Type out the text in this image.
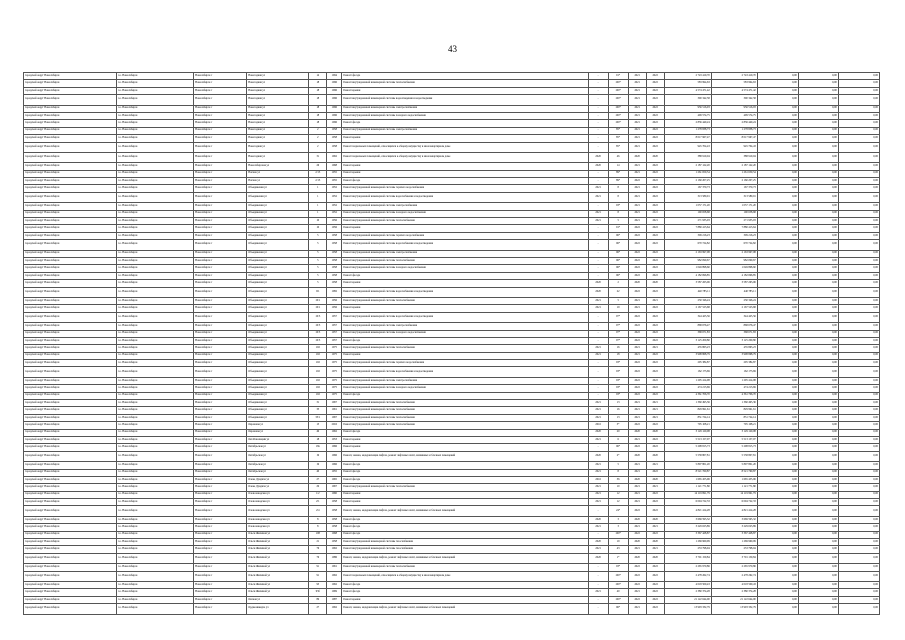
43
городской округ Новосибирск	г.о. Новосибирск	Новосибирск г	Новогодняя ул	14	1994	Ремонт фасада	-	91*	2021	2022	2 743 419,70	2 743 419,70	0,00	0,00	0,00
городской округ Новосибирск	г.о. Новосибирск	Новосибирск г	Новогодняя ул	18	1996	Ремонт внутридомовой инженерной системы теплоснабжения	-	100*	2021	2022	583 994,63	583 994,63	0,00	0,00	0,00
городской округ Новосибирск	г.о. Новосибирск	Новосибирск г	Новогодняя ул	18	1996	Ремонт крыши	-	100*	2021	2022	4 574 471,42	4 574 471,42	0,00	0,00	0,00
городской округ Новосибирск	г.о. Новосибирск	Новосибирск г	Новогодняя ул	18	1996	Ремонт внутридомовой инженерной системы водоотведения и водоотведения	-	100*	2021	2022	390 342,58	390 342,58	0,00	0,00	0,00
городской округ Новосибирск	г.о. Новосибирск	Новосибирск г	Новогодняя ул	18	1996	Ремонт внутридомовой инженерной системы электроснабжения	-	100*	2021	2022	956 516,93	956 516,93	0,00	0,00	0,00
городской округ Новосибирск	г.о. Новосибирск	Новосибирск г	Новогодняя ул	18	1996	Ремонт внутридомовой инженерной системы холодного водоснабжения	-	100*	2021	2022	499 574,75	499 574,75	0,00	0,00	0,00
городской округ Новосибирск	г.о. Новосибирск	Новосибирск г	Новогодняя ул	18	1996	Ремонт фасада	-	100*	2021	2022	2 836 449,24	2 836 449,24	0,00	0,00	0,00
городской округ Новосибирск	г.о. Новосибирск	Новосибирск г	Новогодняя ул	2	1958	Ремонт внутридомовой инженерной системы электроснабжения	-	85*	2021	2022	1 278 838,73	1 278 838,73	0,00	0,00	0,00
городской округ Новосибирск	г.о. Новосибирск	Новосибирск г	Новогодняя ул	2	1958	Ремонт крыши	-	85*	2021	2022	8 017 967,47	8 017 967,47	0,00	0,00	0,00
городской округ Новосибирск	г.о. Новосибирск	Новосибирск г	Новогодняя ул	2	1958	Ремонт подвальных помещений, относящихся к общему имуществу в многоквартирном доме	-	85*	2021	2022	945 704,43	945 704,43	0,00	0,00	0,00
городской округ Новосибирск	г.о. Новосибирск	Новосибирск г	Новогодняя ул	31	1962	Ремонт подвальных помещений, относящихся к общему имуществу в многоквартирном доме	2020	46	2020	2020	388 919,04	388 919,04	0,00	0,00	0,00
городской округ Новосибирск	г.о. Новосибирск	Новосибирск г	Новосибирская ул	26	1968	Ремонт крыши	2020	14	2021	2022	2 187 122,20	2 187 122,20	0,00	0,00	0,00
городской округ Новосибирск	г.о. Новосибирск	Новосибирск г	Ногина ул	2/13	1955	Ремонт крыши	-	89*	2021	2022	1 261 659,54	1 261 659,54	0,00	0,00	0,00
городской округ Новосибирск	г.о. Новосибирск	Новосибирск г	Ногина ул	2/13	1955	Ремонт фасада	-	89*	2022	2022	2 160 207,25	2 160 207,25	0,00	0,00	0,00
городской округ Новосибирск	г.о. Новосибирск	Новосибирск г	Объединения ул	1	1952	Ремонт внутридомовой инженерной системы горячего водоснабжения	2021	8	2021	2022	167 370,73	167 370,73	0,00	0,00	0,00
городской округ Новосибирск	г.о. Новосибирск	Новосибирск г	Объединения ул	1	1952	Ремонт внутридомовой инженерной системы водоснабжения и водоотведения	2021	8	2021	2022	313 589,91	313 589,91	0,00	0,00	0,00
городской округ Новосибирск	г.о. Новосибирск	Новосибирск г	Объединения ул	1	1952	Ремонт внутридомовой инженерной системы электроснабжения	-	93*	2021	2022	1 057 171,20	1 057 171,20	0,00	0,00	0,00
городской округ Новосибирск	г.о. Новосибирск	Новосибирск г	Объединения ул	1	1952	Ремонт внутридомовой инженерной системы холодного водоснабжения	2021	8	2021	2022	190 658,68	190 658,68	0,00	0,00	0,00
городской округ Новосибирск	г.о. Новосибирск	Новосибирск г	Объединения ул	10	1956	Ремонт внутридомовой инженерной системы теплоснабжения	2021	5	2021	2021	271 935,03	271 935,03	0,00	0,00	0,00
городской округ Новосибирск	г.о. Новосибирск	Новосибирск г	Объединения ул	10	1956	Ремонт крыши	-	91*	2022	2022	7 880 413,64	7 880 413,64	0,00	0,00	0,00
городской округ Новосибирск	г.о. Новосибирск	Новосибирск г	Объединения ул	5	1958	Ремонт внутридомовой инженерной системы горячего водоснабжения	-	96*	2022	2022	309 216,23	309 216,23	0,00	0,00	0,00
городской округ Новосибирск	г.о. Новосибирск	Новосибирск г	Объединения ул	5	1958	Ремонт внутридомовой инженерной системы водоснабжения и водоотведения	-	96*	2022	2022	670 724,82	670 724,82	0,00	0,00	0,00
городской округ Новосибирск	г.о. Новосибирск	Новосибирск г	Объединения ул	5	1958	Ремонт внутридомовой инженерной системы электроснабжения	-	96*	2022	2022	2 163 997,08	2 163 997,08	0,00	0,00	0,00
городской округ Новосибирск	г.о. Новосибирск	Новосибирск г	Объединения ул	5	1958	Ремонт внутридомовой инженерной системы теплоснабжения	-	96*	2022	2022	982 099,67	982 099,67	0,00	0,00	0,00
городской округ Новосибирск	г.о. Новосибирск	Новосибирск г	Объединения ул	5	1958	Ремонт внутридомовой инженерной системы холодного водоснабжения	-	96*	2022	2022	1 049 898,60	1 049 898,60	0,00	0,00	0,00
городской округ Новосибирск	г.о. Новосибирск	Новосибирск г	Объединения ул	5	1958	Ремонт фасада	-	96*	2022	2022	4 182 696,85	4 182 696,85	0,00	0,00	0,00
городской округ Новосибирск	г.о. Новосибирск	Новосибирск г	Объединения ул	5	1958	Ремонт крыши	2020	2	2020	2020	3 587 263,06	3 587 263,06	0,00	0,00	0,00
городской округ Новосибирск	г.о. Новосибирск	Новосибирск г	Объединения ул	9/1	1982	Ремонт внутридомовой инженерной системы водоснабжения и водоотведения	2020	22	2022	2022	440 785,11	440 785,11	0,00	0,00	0,00
городской округ Новосибирск	г.о. Новосибирск	Новосибирск г	Объединения ул	10/1	1956	Ремонт внутридомовой инженерной системы теплоснабжения	2021	5	2021	2021	230 346,24	230 346,24	0,00	0,00	0,00
городской округ Новосибирск	г.о. Новосибирск	Новосибирск г	Объединения ул	10/1	1956	Ремонт крыши	2021	19	2021	2022	2 167 523,68	2 167 523,68	0,00	0,00	0,00
городской округ Новосибирск	г.о. Новосибирск	Новосибирск г	Объединения ул	10/3	1957	Ремонт внутридомовой инженерной системы водоснабжения и водоотведения	-	97*	2022	2022	344 425,56	344 425,56	0,00	0,00	0,00
городской округ Новосибирск	г.о. Новосибирск	Новосибирск г	Объединения ул	10/3	1957	Ремонт внутридомовой инженерной системы электроснабжения	-	97*	2022	2022	868 676,47	868 676,47	0,00	0,00	0,00
городской округ Новосибирск	г.о. Новосибирск	Новосибирск г	Объединения ул	10/3	1957	Ремонт внутридомовой инженерной системы холодного водоснабжения	-	97*	2022	2022	368 671,83	368 671,83	0,00	0,00	0,00
городской округ Новосибирск	г.о. Новосибирск	Новосибирск г	Объединения ул	10/3	1957	Ремонт фасада	-	97*	2022	2022	3 125 209,80	3 125 209,80	0,00	0,00	0,00
городской округ Новосибирск	г.о. Новосибирск	Новосибирск г	Объединения ул	102	1975	Ремонт внутридомовой инженерной системы теплоснабжения	2021	16	2021	2021	435 863,23	435 863,23	0,00	0,00	0,00
городской округ Новосибирск	г.о. Новосибирск	Новосибирск г	Объединения ул	102	1975	Ремонт крыши	2021	18	2021	2022	3 998 868,79	3 998 868,79	0,00	0,00	0,00
городской округ Новосибирск	г.о. Новосибирск	Новосибирск г	Объединения ул	102	1975	Ремонт внутридомовой инженерной системы горячего водоснабжения	-	93*	2022	2022	295 384,87	295 384,87	0,00	0,00	0,00
городской округ Новосибирск	г.о. Новосибирск	Новосибирск г	Объединения ул	102	1975	Ремонт внутридомовой инженерной системы водоснабжения и водоотведения	-	93*	2022	2022	162 173,69	162 173,69	0,00	0,00	0,00
городской округ Новосибирск	г.о. Новосибирск	Новосибирск г	Объединения ул	102	1975	Ремонт внутридомовой инженерной системы электроснабжения	-	93*	2022	2022	1 295 414,98	1 295 414,98	0,00	0,00	0,00
городской округ Новосибирск	г.о. Новосибирск	Новосибирск г	Объединения ул	102	1975	Ремонт внутридомовой инженерной системы холодного водоснабжения	-	93*	2022	2022	474 213,69	474 213,69	0,00	0,00	0,00
городской округ Новосибирск	г.о. Новосибирск	Новосибирск г	Объединения ул	102	1975	Ремонт фасада	-	93*	2022	2022	4 361 706,70	4 361 706,70	0,00	0,00	0,00
городской округ Новосибирск	г.о. Новосибирск	Новосибирск г	Объединения ул	31	1967	Ремонт внутридомовой инженерной системы теплоснабжения	2021	13	2021	2021	1 360 495,36	1 360 495,36	0,00	0,00	0,00
городской округ Новосибирск	г.о. Новосибирск	Новосибирск г	Объединения ул	33	1961	Ремонт внутридомовой инженерной системы теплоснабжения	2021	16	2021	2021	829 991,61	829 991,61	0,00	0,00	0,00
городской округ Новосибирск	г.о. Новосибирск	Новосибирск г	Объединения ул	33/1	1967	Ремонт внутридомовой инженерной системы теплоснабжения	2021	13	2021	2021	831 724,14	831 724,14	0,00	0,00	0,00
городской округ Новосибирск	г.о. Новосибирск	Новосибирск г	Овражная ул	13	2016	Ремонт внутридомовой инженерной системы теплоснабжения	2016	3*	2022	2022	795 108,21	795 108,21	0,00	0,00	0,00
городской округ Новосибирск	г.о. Новосибирск	Новосибирск г	Овражная ул	49	1962	Ремонт фасада	2020	20	2020	2020	3 129 120,08	3 129 120,08	0,00	0,00	0,00
городской округ Новосибирск	г.о. Новосибирск	Новосибирск г	Окт.Революции ул	18	1953	Ремонт крыши	2021	6	2021	2022	5 513 157,07	5 513 157,07	0,00	0,00	0,00
городской округ Новосибирск	г.о. Новосибирск	Новосибирск г	Октябрьская ул	18a	1966	Ремонт крыши	-	96*	2022	2022	5 298 815,73	5 298 815,73	0,00	0,00	0,00
городской округ Новосибирск	г.о. Новосибирск	Новосибирск г	Октябрьская ул	19	1966	Ремонт, замена, модернизация лифтов, ремонт лифтовых шахт, машинных и блочных помещений	2020	2*	2020	2020	5 558 807,81	5 558 807,81	0,00	0,00	0,00
городской округ Новосибирск	г.о. Новосибирск	Новосибирск г	Октябрьская ул	19	1966	Ремонт фасада	2021	5	2021	2021	5 897 801,20	5 897 801,20	0,00	0,00	0,00
городской округ Новосибирск	г.о. Новосибирск	Новосибирск г	Октябрьская ул	40	1955	Ремонт фасада	2021	8	2021	2022	8 521 760,87	8 521 760,87	0,00	0,00	0,00
городской округ Новосибирск	г.о. Новосибирск	Новосибирск г	Олеко Дундича ул	27	1965	Ремонт фасада	2016	36	2020	2020	1 665 455,96	1 665 455,96	0,00	0,00	0,00
городской округ Новосибирск	г.о. Новосибирск	Новосибирск г	Олеко Дундича ул	29	1967	Ремонт внутридомовой инженерной системы теплоснабжения	2021	10	2021	2021	1 121 771,80	1 121 771,80	0,00	0,00	0,00
городской округ Новосибирск	г.о. Новосибирск	Новосибирск г	Оловозаводская ул	1/2	1960	Ремонт крыши	2021	12	2021	2022	14 119 991,79	14 119 991,79	0,00	0,00	0,00
городской округ Новосибирск	г.о. Новосибирск	Новосибирск г	Оловозаводская ул	2/1	1958	Ремонт крыши	2021	12	2021	2022	6 094 722,33	6 094 722,33	0,00	0,00	0,00
городской округ Новосибирск	г.о. Новосибирск	Новосибирск г	Оловозаводская ул	2/4	1958	Ремонт, замена, модернизация лифтов, ремонт лифтовых шахт, машинных и блочных помещений	-	24*	2022	2022	4 821 414,28	4 821 414,28	0,00	0,00	0,00
городской округ Новосибирск	г.о. Новосибирск	Новосибирск г	Оловозаводская ул	8	1958	Ремонт фасада	2020	3	2020	2020	3 669 595,32	3 669 595,32	0,00	0,00	0,00
городской округ Новосибирск	г.о. Новосибирск	Новосибирск г	Оловозаводская ул	8	1958	Ремонт фасада	2021	3	2021	2021	3 229 023,89	3 229 023,89	0,00	0,00	0,00
городской округ Новосибирск	г.о. Новосибирск	Новосибирск г	Ольги Жилиной ул	108	1968	Ремонт фасада	-	100*	2022	2022	3 367 428,87	3 367 428,87	0,00	0,00	0,00
городской округ Новосибирск	г.о. Новосибирск	Новосибирск г	Ольги Жилиной ул	21	1958	Ремонт внутридомовой инженерной системы газоснабжения	2020	19	2020	2020	1 269 960,99	1 269 960,99	0,00	0,00	0,00
городской округ Новосибирск	г.о. Новосибирск	Новосибирск г	Ольги Жилиной ул	76	1962	Ремонт внутридомовой инженерной системы газоснабжения	2021	43	2021	2021	253 798,94	253 798,94	0,00	0,00	0,00
городской округ Новосибирск	г.о. Новосибирск	Новосибирск г	Ольги Жилиной ул	76	1986	Ремонт, замена, модернизация лифтов, ремонт лифтовых шахт, машинных и блочных помещений	2020	1*	2020	2020	3 701 159,84	3 701 159,84	0,00	0,00	0,00
городской округ Новосибирск	г.о. Новосибирск	Новосибирск г	Ольги Жилиной ул	91	1961	Ремонт внутридомовой инженерной системы теплоснабжения	-	93*	2022	2022	2 265 970,86	2 265 970,86	0,00	0,00	0,00
городской округ Новосибирск	г.о. Новосибирск	Новосибирск г	Ольги Жилиной ул	91	1962	Ремонт подвальных помещений, относящихся к общему имуществу в многоквартирном доме	-	100*	2022	2022	2 478 262,74	2 478 262,74	0,00	0,00	0,00
городской округ Новосибирск	г.о. Новосибирск	Новосибирск г	Ольги Жилиной ул	93	1962	Ремонт фасада	-	100*	2022	2022	4 018 509,43	4 018 509,43	0,00	0,00	0,00
городской округ Новосибирск	г.о. Новосибирск	Новосибирск г	Ольги Жилиной ул	93б	1969	Ремонт фасада	2021	40	2021	2022	2 380 374,28	2 380 374,28	0,00	0,00	0,00
городской округ Новосибирск	г.о. Новосибирск	Новосибирск г	Омская ул	89	1987	Ремонт крыши	-	100*	2022	2022	21 122 644,00	21 122 644,00	0,00	0,00	0,00
городской округ Новосибирск	г.о. Новосибирск	Новосибирск г	Орджоникидзе ул	27	1962	Ремонт, замена, модернизация лифтов, ремонт лифтовых шахт, машинных и блочных помещений	-	96*	2021	2022	13 993 332,79	13 993 332,79	0,00	0,00	0,00
